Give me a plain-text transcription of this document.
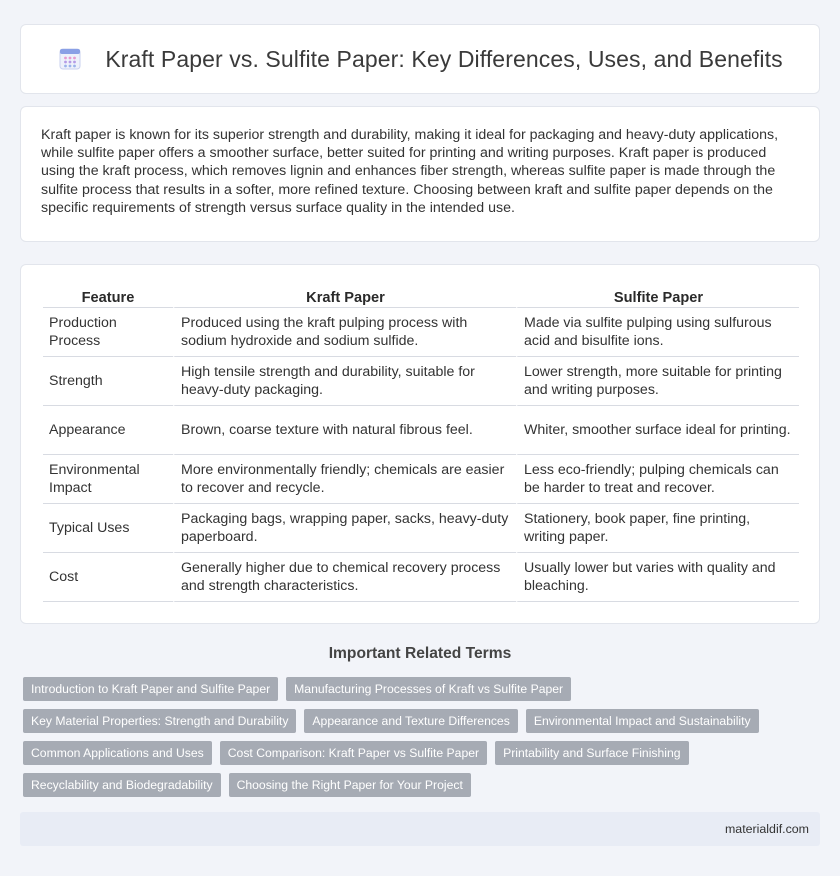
Kraft Paper vs. Sulfite Paper: Key Differences, Uses, and Benefits

Kraft paper is known for its superior strength and durability, making it ideal for packaging and heavy-duty applications, while sulfite paper offers a smoother surface, better suited for printing and writing purposes. Kraft paper is produced using the kraft process, which removes lignin and enhances fiber strength, whereas sulfite paper is made through the sulfite process that results in a softer, more refined texture. Choosing between kraft and sulfite paper depends on the specific requirements of strength versus surface quality in the intended use.

Feature	Kraft Paper	Sulfite Paper
Production Process	Produced using the kraft pulping process with sodium hydroxide and sodium sulfide.	Made via sulfite pulping using sulfurous acid and bisulfite ions.
Strength	High tensile strength and durability, suitable for heavy-duty packaging.	Lower strength, more suitable for printing and writing purposes.
Appearance	Brown, coarse texture with natural fibrous feel.	Whiter, smoother surface ideal for printing.
Environmental Impact	More environmentally friendly; chemicals are easier to recover and recycle.	Less eco-friendly; pulping chemicals can be harder to treat and recover.
Typical Uses	Packaging bags, wrapping paper, sacks, heavy-duty paperboard.	Stationery, book paper, fine printing, writing paper.
Cost	Generally higher due to chemical recovery process and strength characteristics.	Usually lower but varies with quality and bleaching.
Important Related Terms
Introduction to Kraft Paper and Sulfite Paper	Manufacturing Processes of Kraft vs Sulfite Paper
Key Material Properties: Strength and Durability	Appearance and Texture Differences	Environmental Impact and Sustainability
Common Applications and Uses	Cost Comparison: Kraft Paper vs Sulfite Paper	Printability and Surface Finishing
Recyclability and Biodegradability	Choosing the Right Paper for Your Project
materialdif.com
